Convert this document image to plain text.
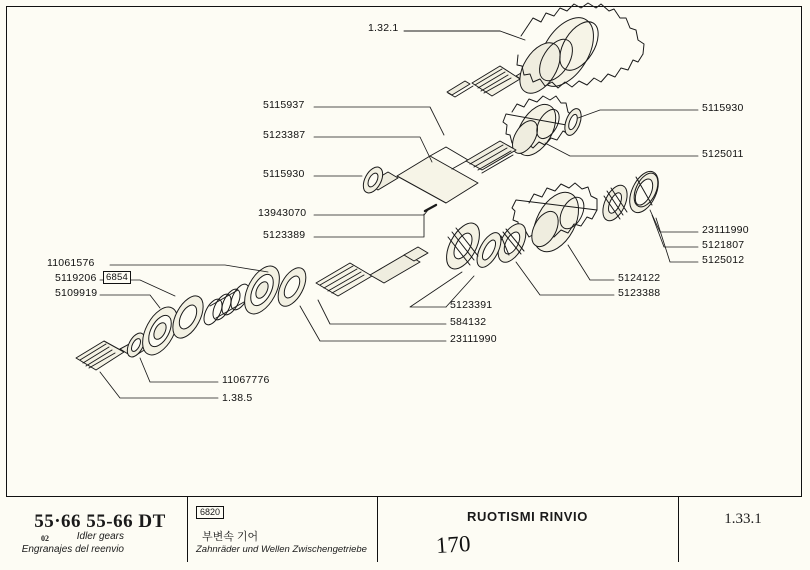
1.32.1
5115937
5123387
5115930
13943070
5123389
11061576
5119206
5109919
6854
11067776
1.38.5
5123391
584132
23111990
5115930
5125011
23111990
5121807
5125012
5124122
5123388
55·66 55-66 DT
02
6820
부변속 기어
Zahnräder und Wellen Zwischengetriebe
RUOTISMI RINVIO
Idler gears
Engranajes del reenvio
1.33.1
170
